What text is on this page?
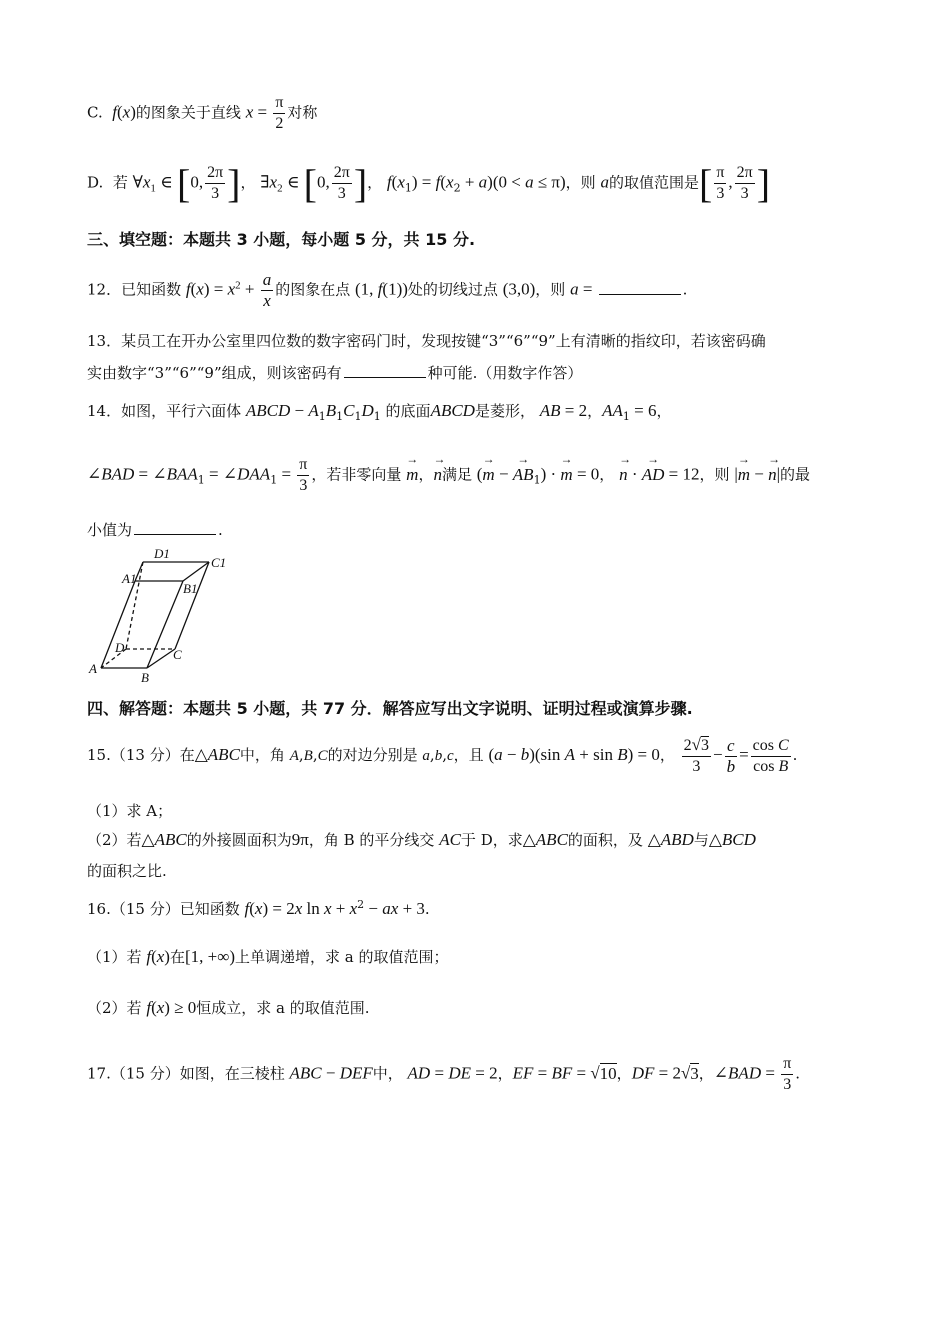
C. f(x)的图象关于直线 $x = \frac{\pi}{2}$ 对称
D. 若 $\forall x_1$ ∈ [0, $\frac{2\pi}{3}$ ]， $\exists x_2$ ∈ [0, $\frac{2\pi}{3}$ ]， $f(x_1) = f(x_2 + a)(0 < a \le \pi)$，则 a的取值范围是[ $\frac{\pi}{3}$ , $\frac{2\pi}{3}$ ]
三、填空题：本题共 3 小题，每小题 5 分，共 15 分.
12．已知函数 $f(x) = x^2 + \frac{a}{x}$ 的图象在点 (1, f(1))处的切线过点 (3,0)，则 a =	.
13．某员工在开办公室里四位数的数字密码门时，发现按键“3”“6”“9”上有清晰的指纹印，若该密码确
实由数字“3”“6”“9”组成，则该密码有	种可能.（用数字作答）
14．如图，平行六面体 ABCD − $A_1B_1C_1D_1$ 的底面ABCD是菱形， AB = 2，$AA_1 = 6$，
∠BAD = $\angle BAA_1$ = $\angle DAA_1 = \frac{\pi}{3}$ ，若非零向量 → m，→ n满足 (→ m − → $AB_1$) · → m = 0， → n · → AD = 12，则 |→ m − → n|的最
小值为	.
D1
C1
A1
B1
D	C
A
B
四、解答题：本题共 5 小题，共 77 分．解答应写出文字说明、证明过程或演算步骤.
15.（13 分）在△ABC中，角 A,B,C的对边分别是 a,b,c，且 (a − b)(sin A + sin B) = 0， $\frac{2√3}{3} - \frac{c}{b} = \frac{\text{cos C}}{\text{cos B}}$ .
（1）求 A；
（2）若△ABC的外接圆面积为9π，角 B 的平分线交 AC于 D，求△ABC的面积，及 △ABD与△BCD
的面积之比.
16.（15 分）已知函数 f(x) = 2x $\ln x + x^2$ − ax + 3.
（1）若 f(x)在[1, +∞)上单调递增，求 a 的取值范围；
（2）若 f(x) ≥ 0恒成立，求 a 的取值范围.
17.（15 分）如图，在三棱柱 ABC − DEF中， AD = DE = 2，EF = BF = √10，DF = 2√3，∠BAD = $\frac{\pi}{3}$ .
